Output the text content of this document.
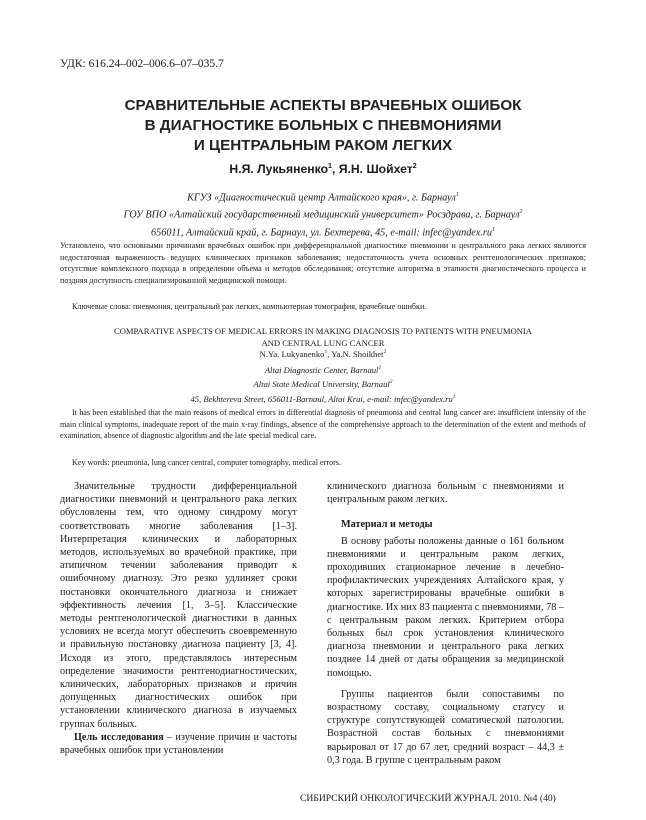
УДК: 616.24–002–006.6–07–035.7
СРАВНИТЕЛЬНЫЕ АСПЕКТЫ ВРАЧЕБНЫХ ОШИБОК
В ДИАГНОСТИКЕ БОЛЬНЫХ С ПНЕВМОНИЯМИ
И ЦЕНТРАЛЬНЫМ РАКОМ ЛЕГКИХ
Н.Я. Лукьяненко$^1$, Я.Н. Шойхет$^2$
КГУЗ «Диагностический центр Алтайского края», г. Барнаул$^1$
ГОУ ВПО «Алтайский государственный медицинский университет» Росздрава, г. Барнаул$^2$
656011, Алтайский край, г. Барнаул, ул. Бехтерева, 45, e-mail: $infec@yandex.ru^1$
Установлено, что основными причинами врачебных ошибок при дифференциальной диагностике пневмонии и центрального рака легких являются недостаточная выраженность ведущих клинических признаков заболевания; недостаточность учета основных рентгенологических признаков; отсутствие комплексного подхода в определении объема и методов обследования; отсутствие алгоритма в этапности диагностического процесса и поздняя доступность специализированной медицинской помощи.
Ключевые слова: пневмония, центральный рак легких, компьютерная томография, врачебные ошибки.
COMPARATIVE ASPECTS OF MEDICAL ERRORS IN MAKING DIAGNOSIS TO PATIENTS WITH PNEUMONIA
AND CENTRAL LUNG CANCER
N.Ya. Lukyanenko$^1$, Ya.N. Shoikhet$^2$
Altai Diagnostic Center, Barnaul$^1$
Altai State Medical University, Barnaul$^2$
45, Bekhtereva Street, 656011-Barnaul, Altai Krai, e-mail: $infec@yandex.ru^1$

It has been established that the main reasons of medical errors in differential diagnosis of pneumonia and central lung cancer are: insufficient intensity of the main clinical symptoms, inadequate report of the main x-ray findings, absence of the comprehensive approach to the determination of the extent and methods of examination, absence of diagnostic algorithm and the late special medical care.

Key words: pneumonia, lung cancer central, computer tomography, medical errors.

Значительные трудности дифференциальной диагностики пневмоний и центрального рака легких обусловлены тем, что одному синдрому могут соответствовать многие заболевания [1–3]. Интерпретация клинических и лабораторных методов, используемых во врачебной практике, при атипичном течении заболевания приводит к ошибочному диагнозу. Это резко удлиняет сроки постановки окончательного диагноза и снижает эффективность лечения [1, 3–5]. Классические методы рентгенологической диагностики в данных условиях не всегда могут обеспечить своевременную и правильную постановку диагноза пациенту [3, 4]. Исходя из этого, представлялось интересным определение значимости рентгенодиагностических, клинических, лабораторных признаков и причин допущенных диагностических ошибок при установлении клинического диагноза в изучаемых группах больных.

Цель исследования – изучение причин и частоты врачебных ошибок при установлении

клинического диагноза больным с пневмониями и центральным раком легких.

Материал и методы

В основу работы положены данные о 161 больном пневмониями и центральным раком легких, проходивших стационарное лечение в лечебно-профилактических учреждениях Алтайского края, у которых зарегистрированы врачебные ошибки в диагностике. Их них 83 пациента с пневмониями, 78 – с центральным раком легких. Критерием отбора больных был срок установления клинического диагноза пневмонии и центрального рака легких позднее 14 дней от даты обращения за медицинской помощью.

Группы пациентов были сопоставимы по возрастному составу, социальному статусу и структуре сопутствующей соматической патологии. Возрастной состав больных с пневмониями варьировал от 17 до 67 лет, средний возраст – 44,3 ± 0,3 года. В группе с центральным раком

СИБИРСКИЙ ОНКОЛОГИЧЕСКИЙ ЖУРНАЛ. 2010. №4 (40)
